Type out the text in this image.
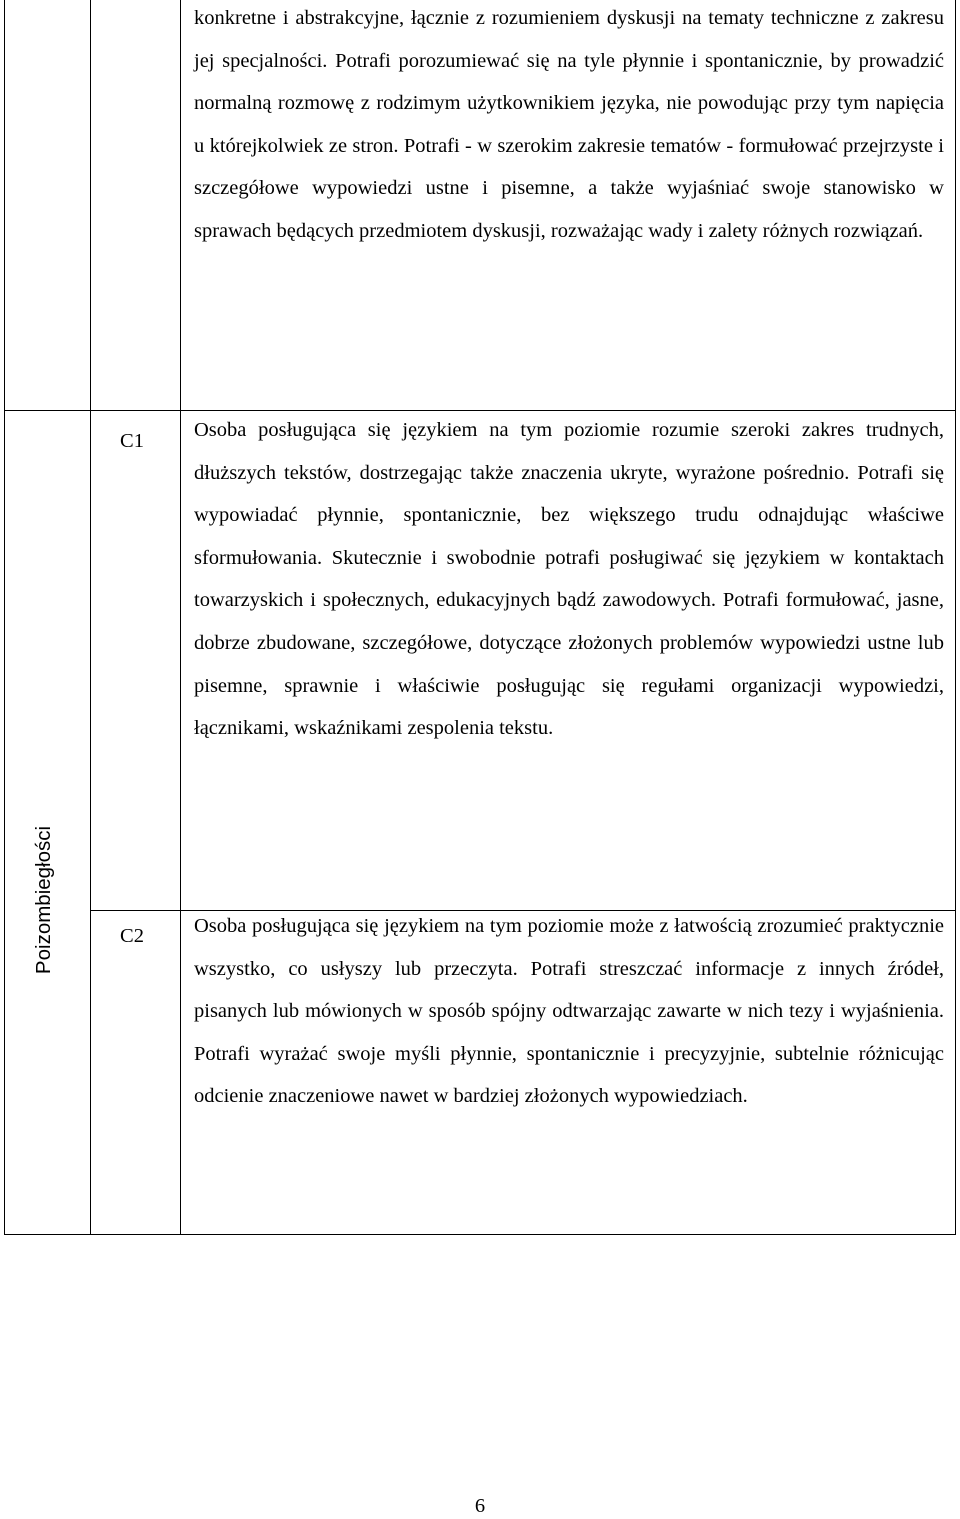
konkretne i abstrakcyjne, łącznie z rozumieniem dyskusji na tematy techniczne z zakresu jej specjalności. Potrafi porozumiewać się na tyle płynnie i spontanicznie, by prowadzić normalną rozmowę z rodzimym użytkownikiem języka, nie powodując przy tym napięcia u którejkolwiek ze stron. Potrafi - w szerokim zakresie tematów - formułować przejrzyste i szczegółowe wypowiedzi ustne i pisemne, a także wyjaśniać swoje stanowisko w sprawach będących przedmiotem dyskusji, rozważając wady i zalety różnych rozwiązań.
Poizombiegłości
C1	Osoba posługująca się językiem na tym poziomie rozumie szeroki zakres trudnych, dłuższych tekstów, dostrzegając także znaczenia ukryte, wyrażone pośrednio. Potrafi się wypowiadać płynnie, spontanicznie, bez większego trudu odnajdując właściwe sformułowania. Skutecznie i swobodnie potrafi posługiwać się językiem w kontaktach towarzyskich i społecznych, edukacyjnych bądź zawodowych. Potrafi formułować, jasne, dobrze zbudowane, szczegółowe, dotyczące złożonych problemów wypowiedzi ustne lub pisemne, sprawnie i właściwie posługując się regułami organizacji wypowiedzi, łącznikami, wskaźnikami zespolenia tekstu.
C2	Osoba posługująca się językiem na tym poziomie może z łatwością zrozumieć praktycznie wszystko, co usłyszy lub przeczyta. Potrafi streszczać informacje z innych źródeł, pisanych lub mówionych w sposób spójny odtwarzając zawarte w nich tezy i wyjaśnienia. Potrafi wyrażać swoje myśli płynnie, spontanicznie i precyzyjnie, subtelnie różnicując odcienie znaczeniowe nawet w bardziej złożonych wypowiedziach.
6
